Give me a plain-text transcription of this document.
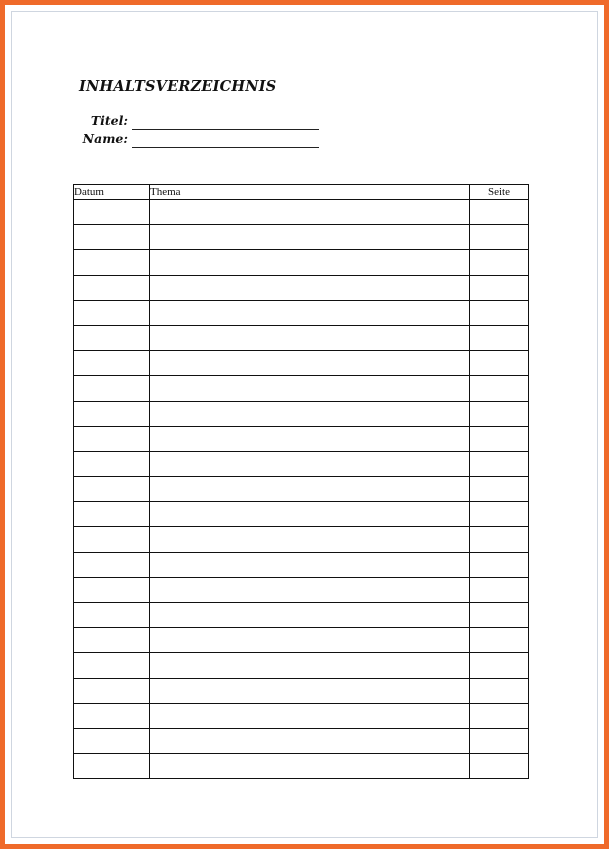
INHALTSVERZEICHNIS
Titel:
Name:
Datum	Thema	Seite
